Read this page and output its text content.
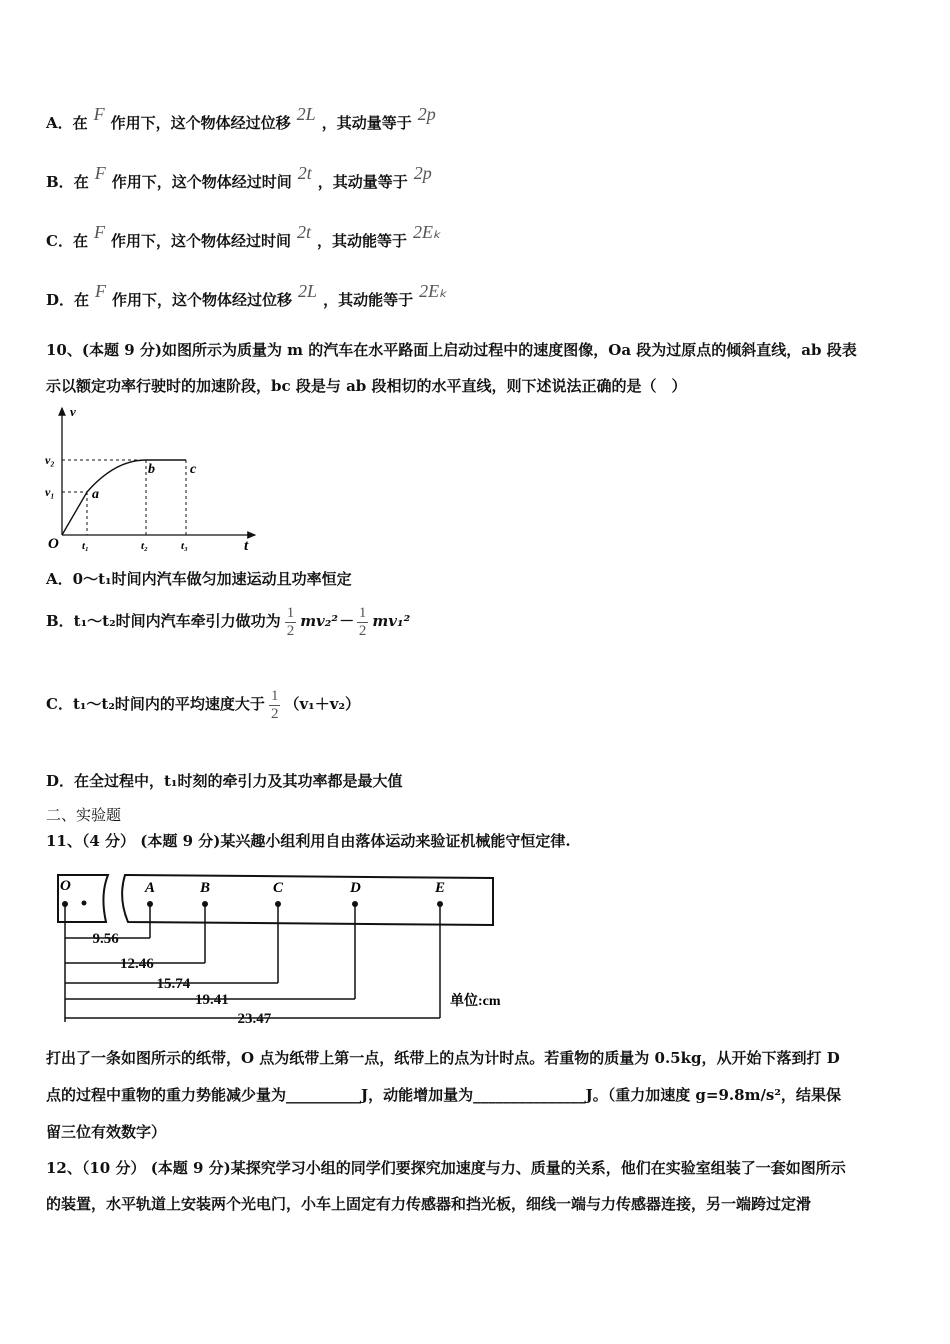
A．在 F 作用下，这个物体经过位移 2L ，其动量等于 2p
B．在 F 作用下，这个物体经过时间 2t ，其动量等于 2p
C．在 F 作用下，这个物体经过时间 2t ，其动能等于 2Eₖ
D．在 F 作用下，这个物体经过位移 2L ，其动能等于 2Eₖ
10、(本题 9 分)如图所示为质量为 m 的汽车在水平路面上启动过程中的速度图像，Oa 段为过原点的倾斜直线，ab 段表
示以额定功率行驶时的加速阶段，bc 段是与 ab 段相切的水平直线，则下述说法正确的是（　）
v
t
O
v₂
v₁
t₁	t₂	t₃
a
b	c
A．0～t₁时间内汽车做匀加速运动且功率恒定
B．t₁～t₂时间内汽车牵引力做功为 $\frac{1}{2} mv_2^2- \frac{1}{2} mv_1^2$
C．t₁～t₂时间内的平均速度大于 $\frac{1}{2} (v_1+v_2)$
D．在全过程中，t₁时刻的牵引力及其功率都是最大值
二、实验题
11、（4 分） (本题 9 分)某兴趣小组利用自由落体运动来验证机械能守恒定律.
O	A	B	C	D	E
9.56
12.46
15.74
19.41
23.47
单位:cm
打出了一条如图所示的纸带，O 点为纸带上第一点，纸带上的点为计时点。若重物的质量为 0.5kg，从开始下落到打 D
点的过程中重物的重力势能减少量为__________J，动能增加量为_______________J。（重力加速度 g=9.8m/s²，结果保
留三位有效数字）
12、（10 分） (本题 9 分)某探究学习小组的同学们要探究加速度与力、质量的关系，他们在实验室组装了一套如图所示
的装置，水平轨道上安装两个光电门，小车上固定有力传感器和挡光板，细线一端与力传感器连接，另一端跨过定滑
